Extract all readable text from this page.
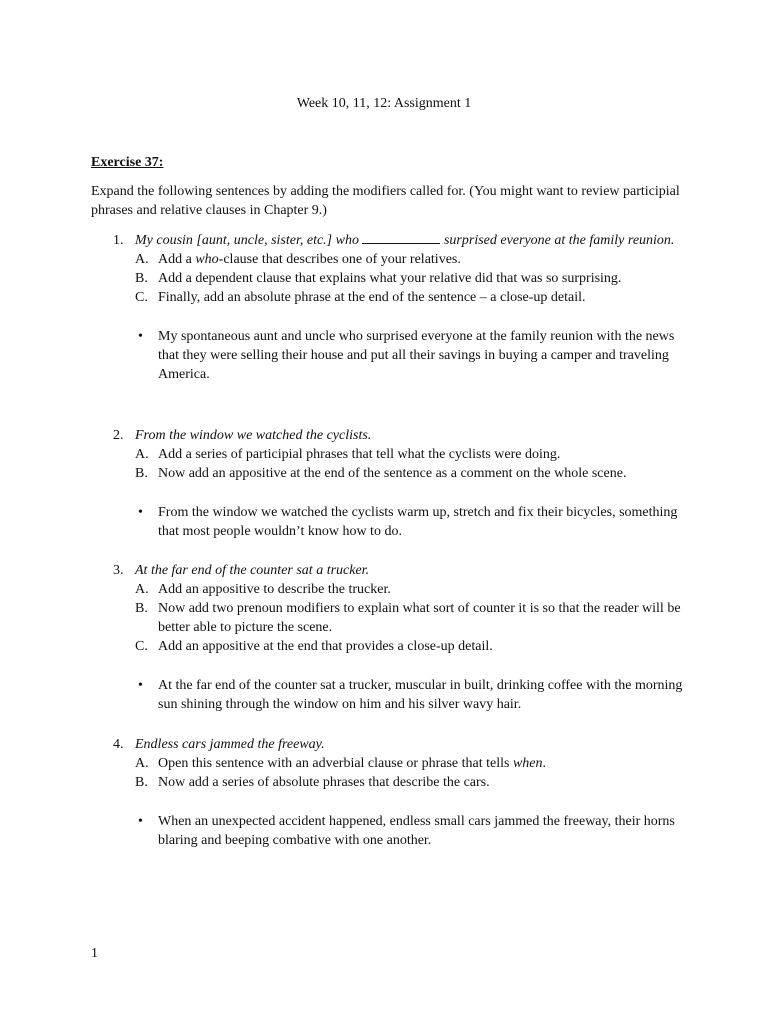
Week 10, 11, 12: Assignment 1
Exercise 37:
Expand the following sentences by adding the modifiers called for. (You might want to review participial phrases and relative clauses in Chapter 9.)
1. My cousin [aunt, uncle, sister, etc.] who	surprised everyone at the family reunion.
A. Add a who-clause that describes one of your relatives.
B. Add a dependent clause that explains what your relative did that was so surprising.
C. Finally, add an absolute phrase at the end of the sentence – a close-up detail.
• My spontaneous aunt and uncle who surprised everyone at the family reunion with the news that they were selling their house and put all their savings in buying a camper and traveling America.
2. From the window we watched the cyclists.
A. Add a series of participial phrases that tell what the cyclists were doing.
B. Now add an appositive at the end of the sentence as a comment on the whole scene.
• From the window we watched the cyclists warm up, stretch and fix their bicycles, something that most people wouldn’t know how to do.
3. At the far end of the counter sat a trucker.
A. Add an appositive to describe the trucker.
B. Now add two prenoun modifiers to explain what sort of counter it is so that the reader will be better able to picture the scene.
C. Add an appositive at the end that provides a close-up detail.
• At the far end of the counter sat a trucker, muscular in built, drinking coffee with the morning sun shining through the window on him and his silver wavy hair.
4. Endless cars jammed the freeway.
A. Open this sentence with an adverbial clause or phrase that tells when.
B. Now add a series of absolute phrases that describe the cars.
• When an unexpected accident happened, endless small cars jammed the freeway, their horns blaring and beeping combative with one another.
1
